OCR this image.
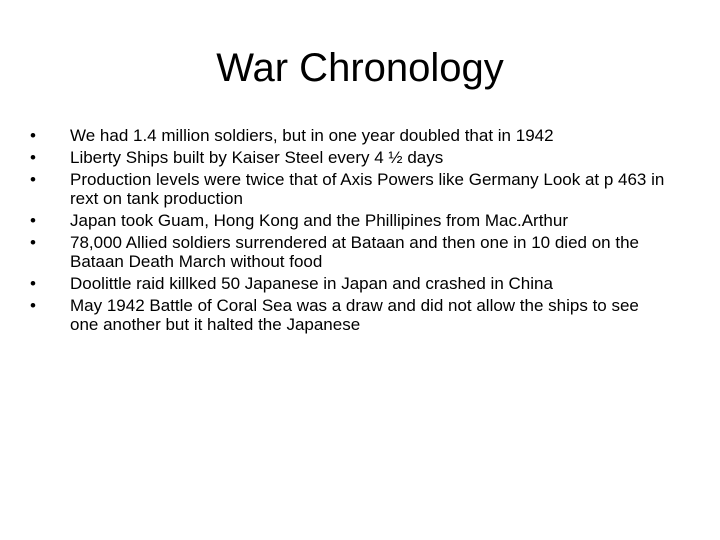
War Chronology
•	We had 1.4 million soldiers, but in one year doubled that in 1942
•	Liberty Ships built by Kaiser Steel every 4 ½ days
•	Production levels were twice that of Axis Powers like Germany Look at p 463 in rext on tank production
•	Japan took Guam, Hong Kong and the Phillipines from Mac.Arthur
•	78,000 Allied soldiers surrendered at Bataan and then one in 10 died on the Bataan Death March without food
•	Doolittle raid killked 50 Japanese in Japan and crashed in China
•	May 1942 Battle of Coral Sea was a draw and did not allow the ships to see one another but it halted the Japanese
